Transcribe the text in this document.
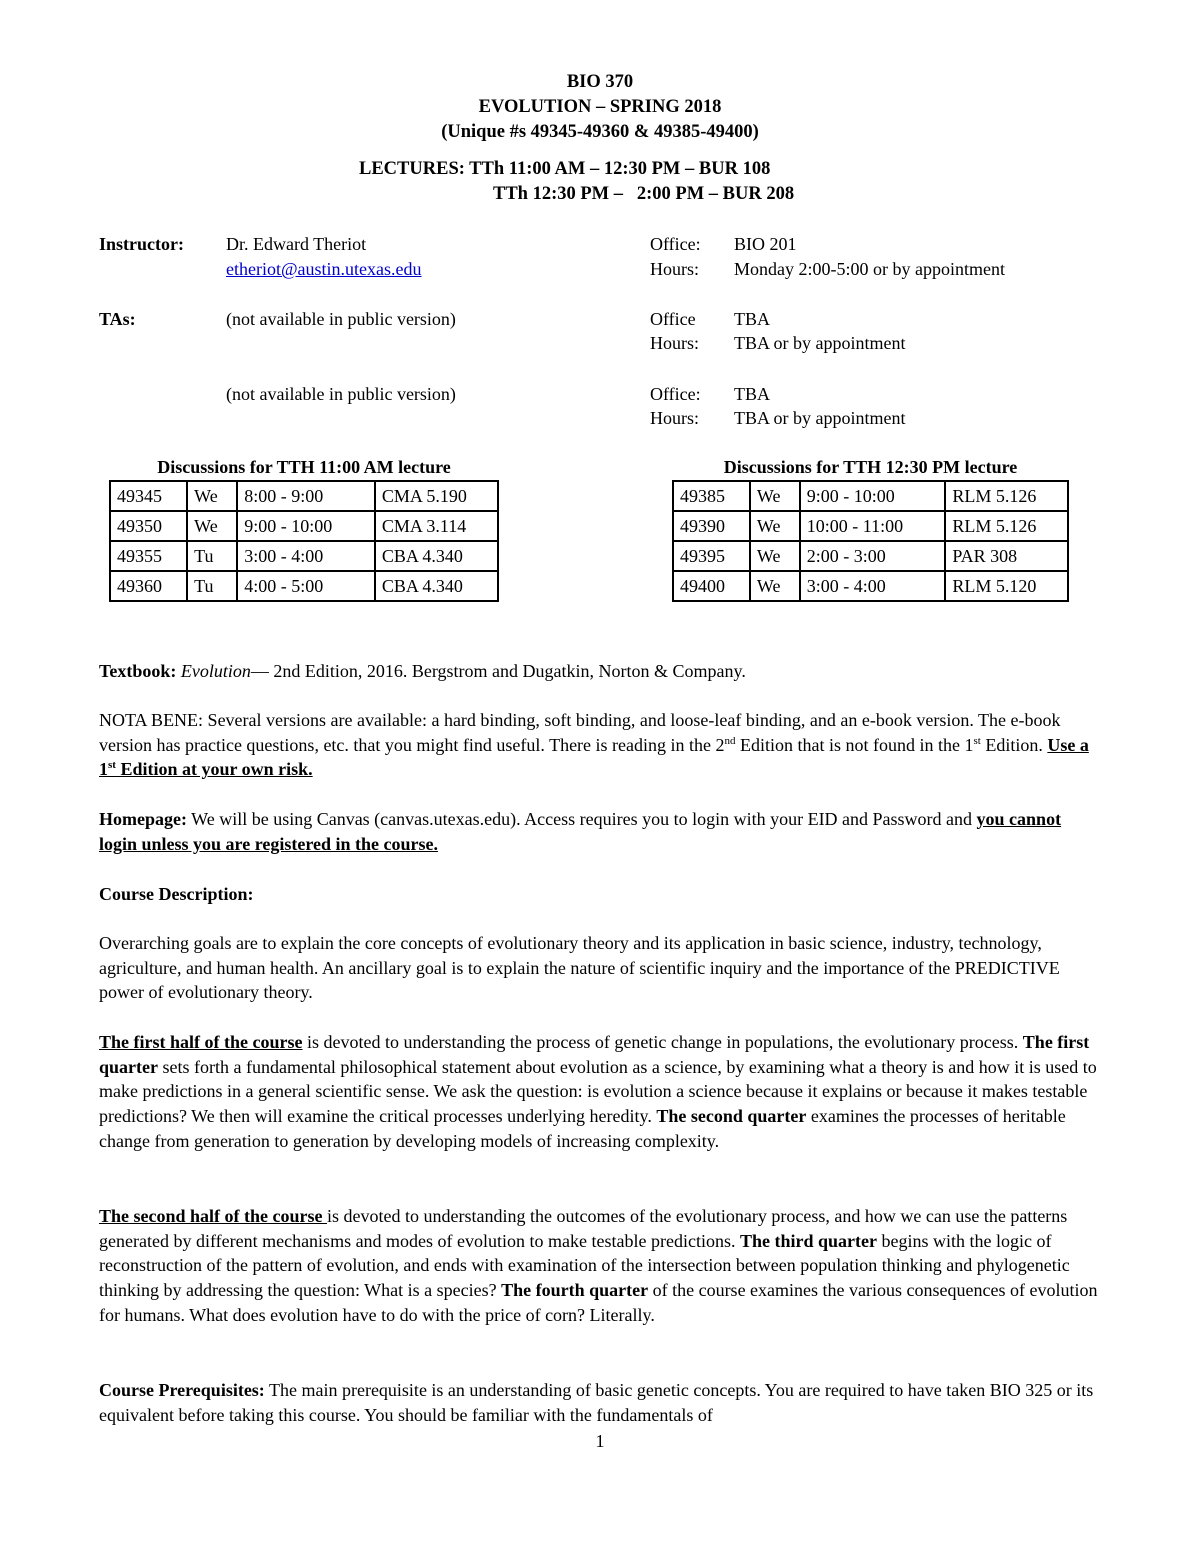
BIO 370
EVOLUTION – SPRING 2018
(Unique #s 49345-49360 & 49385-49400)
LECTURES: TTh 11:00 AM – 12:30 PM – BUR 108
TTh 12:30 PM –   2:00 PM – BUR 208
Instructor: Dr. Edward Theriot
etheriot@austin.utexas.edu
Office: BIO 201
Hours: Monday 2:00-5:00 or by appointment
TAs:	(not available in public version)	Office TBA
Hours: TBA or by appointment
(not available in public version)	Office: TBA
Hours: TBA or by appointment
Discussions for TTH 11:00 AM lecture
49345	We	8:00 - 9:00	CMA 5.190
49350	We	9:00 - 10:00	CMA 3.114
49355	Tu	3:00 - 4:00	CBA 4.340
49360	Tu	4:00 - 5:00	CBA 4.340
Discussions for TTH 12:30 PM lecture
49385	We	9:00 - 10:00	RLM 5.126
49390	We	10:00 - 11:00	RLM 5.126
49395	We	2:00 - 3:00	PAR 308
49400	We	3:00 - 4:00	RLM 5.120

Textbook: Evolution— 2nd Edition, 2016. Bergstrom and Dugatkin, Norton & Company.

NOTA BENE: Several versions are available: a hard binding, soft binding, and loose-leaf binding, and an e-book version. The e-book version has practice questions, etc. that you might find useful. There is reading in the 2nd Edition that is not found in the 1st Edition. Use a 1st Edition at your own risk.

Homepage: We will be using Canvas (canvas.utexas.edu). Access requires you to login with your EID and Password and you cannot login unless you are registered in the course.

Course Description:

Overarching goals are to explain the core concepts of evolutionary theory and its application in basic science, industry, technology, agriculture, and human health. An ancillary goal is to explain the nature of scientific inquiry and the importance of the PREDICTIVE power of evolutionary theory.

The first half of the course is devoted to understanding the process of genetic change in populations, the evolutionary process. The first quarter sets forth a fundamental philosophical statement about evolution as a science, by examining what a theory is and how it is used to make predictions in a general scientific sense. We ask the question: is evolution a science because it explains or because it makes testable predictions? We then will examine the critical processes underlying heredity. The second quarter examines the processes of heritable change from generation to generation by developing models of increasing complexity.

The second half of the course is devoted to understanding the outcomes of the evolutionary process, and how we can use the patterns generated by different mechanisms and modes of evolution to make testable predictions. The third quarter begins with the logic of reconstruction of the pattern of evolution, and ends with examination of the intersection between population thinking and phylogenetic thinking by addressing the question: What is a species? The fourth quarter of the course examines the various consequences of evolution for humans. What does evolution have to do with the price of corn? Literally.

Course Prerequisites: The main prerequisite is an understanding of basic genetic concepts. You are required to have taken BIO 325 or its equivalent before taking this course. You should be familiar with the fundamentals of

1
